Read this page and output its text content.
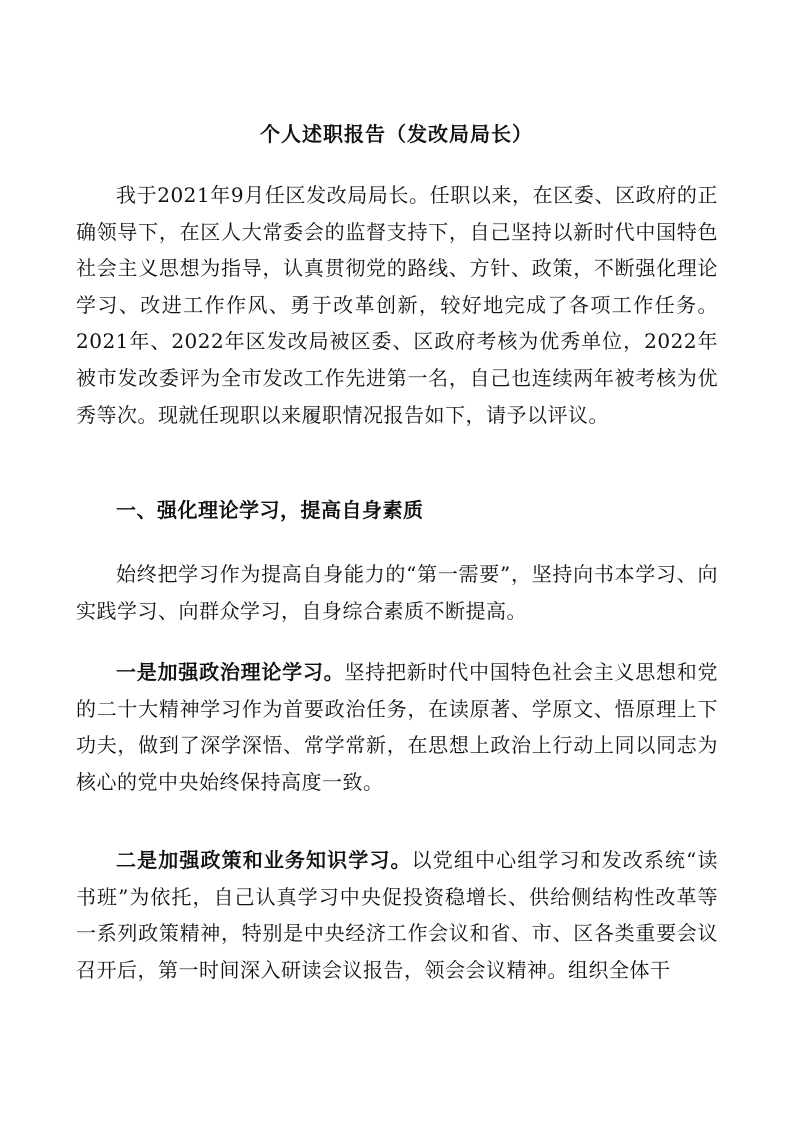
个人述职报告（发改局局长）
我于2021年9月任区发改局局长。任职以来，在区委、区政府的正确领导下，在区人大常委会的监督支持下，自己坚持以新时代中国特色社会主义思想为指导，认真贯彻党的路线、方针、政策，不断强化理论学习、改进工作作风、勇于改革创新，较好地完成了各项工作任务。2021年、2022年区发改局被区委、区政府考核为优秀单位，2022年被市发改委评为全市发改工作先进第一名，自己也连续两年被考核为优秀等次。现就任现职以来履职情况报告如下，请予以评议。
一、强化理论学习，提高自身素质
始终把学习作为提高自身能力的“第一需要”，坚持向书本学习、向实践学习、向群众学习，自身综合素质不断提高。
一是加强政治理论学习。坚持把新时代中国特色社会主义思想和党的二十大精神学习作为首要政治任务，在读原著、学原文、悟原理上下功夫，做到了深学深悟、常学常新，在思想上政治上行动上同以同志为核心的党中央始终保持高度一致。
二是加强政策和业务知识学习。以党组中心组学习和发改系统“读书班”为依托，自己认真学习中央促投资稳增长、供给侧结构性改革等一系列政策精神，特别是中央经济工作会议和省、市、区各类重要会议召开后，第一时间深入研读会议报告，领会会议精神。组织全体干
